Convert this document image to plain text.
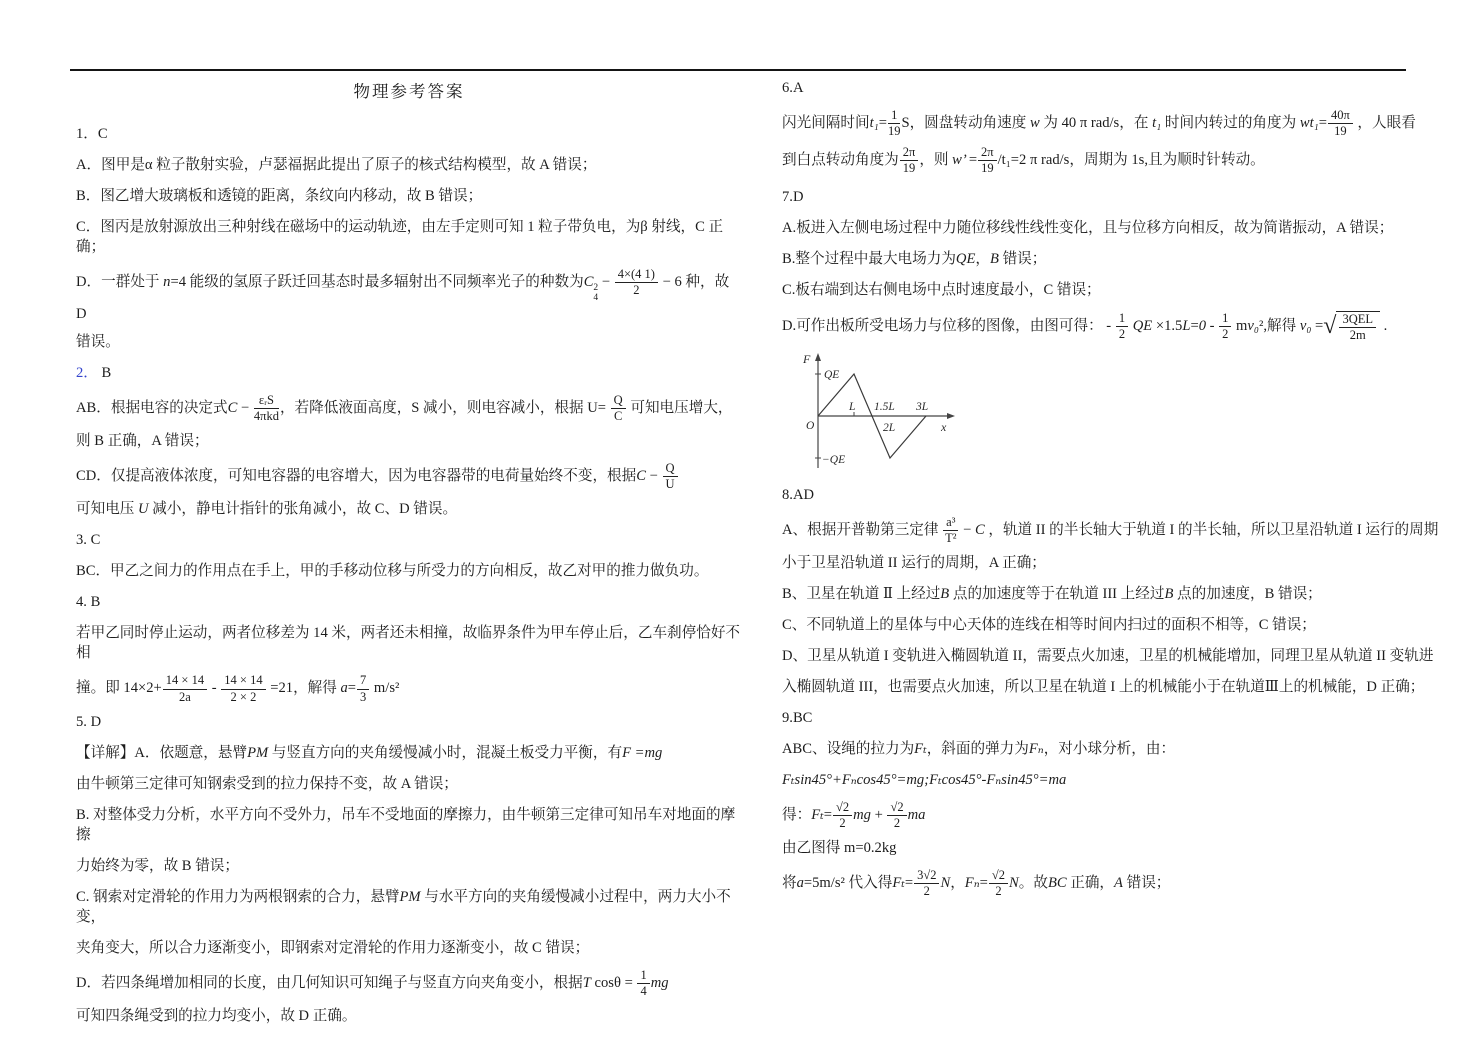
物理参考答案

1．C

A．图甲是α 粒子散射实验，卢瑟福据此提出了原子的核式结构模型，故 A 错误；

B．图乙增大玻璃板和透镜的距离，条纹向内移动，故 B 错误；

C．图丙是放射源放出三种射线在磁场中的运动轨迹，由左手定则可知 1 粒子带负电，为β 射线，C 正确；

D．一群处于 n=4 能级的氢原子跃迁回基态时最多辐射出不同频率光子的种数为C 2
4
− $\frac{4\times(4 1)}{2} - 6$ 种，故 D

错误。

2． B

AB．根据电容的决定式$C - \frac{\text{εᵣS}}{\text{4πkd}}$ ，若降低液面高度，S 减小，则电容减小，根据 $U= \frac{Q}{C}$ 可知电压增大，

则 B 正确，A 错误；

CD．仅提高液体浓度，可知电容器的电容增大，因为电容器带的电荷量始终不变，根据$C - \frac{Q}{U}$

可知电压 U 减小，静电计指针的张角减小，故 C、D 错误。

3. C

BC．甲乙之间力的作用点在手上，甲的手移动位移与所受力的方向相反，故乙对甲的推力做负功。

4. B

若甲乙同时停止运动，两者位移差为 14 米，两者还未相撞，故临界条件为甲车停止后，乙车刹停恰好不相

撞。即 $14\times 2+ \frac{14 \times 14}{2a} - \frac{14 \times 14}{2 \times 2} =21$，解得 $a= \frac{7}{3} m/s^2$

5. D

【详解】A．依题意，悬臂PM 与竖直方向的夹角缓慢减小时，混凝土板受力平衡，有F =mg

由牛顿第三定律可知钢索受到的拉力保持不变，故 A 错误；

B. 对整体受力分析，水平方向不受外力，吊车不受地面的摩擦力，由牛顿第三定律可知吊车对地面的摩擦

力始终为零，故 B 错误；

C. 钢索对定滑轮的作用力为两根钢索的合力，悬臂PM 与水平方向的夹角缓慢减小过程中，两力大小不变，

夹角变大，所以合力逐渐变小，即钢索对定滑轮的作用力逐渐变小，故 C 错误；

D．若四条绳增加相同的长度，由几何知识可知绳子与竖直方向夹角变小，根据T $\cos\theta = \frac{1}{4}$ mg

可知四条绳受到的拉力均变小，故 D 正确。

6.A

闪光间隔时间$t_1= \frac{1}{19}$ S，圆盘转动角速度 w 为 40 π rad/s，在 t₁ 时间内转过的角度为 $wt_1= \frac{40\pi}{19}$ ，人眼看

到白点转动角度为 $\frac{2\pi}{19}$ ，则 w’ = $\frac{2\pi}{19} /t_1=2$ π rad/s，周期为 1s,且为顺时针转动。

7.D

A.板进入左侧电场过程中力随位移线性线性变化，且与位移方向相反，故为简谐振动，A 错误；

B.整个过程中最大电场力为QE，B 错误；

C.板右端到达右侧电场中点时速度最小，C 错误；

D.可作出板所受电场力与位移的图像，由图可得： - $\frac{1}{2}$ QE $\times 1.5L=0 - \frac{1}{2} mv_0^2$,解得 v₀ = √ $\frac{\text{3QEL}}{2m}$ .

F
QE
−QE
O
L 1.5L
2L
3L
x

8.AD

A、根据开普勒第三定律 $\frac{\text{a³}}{\text{T²}} - C$ ，轨道 II 的半长轴大于轨道 I 的半长轴，所以卫星沿轨道 I 运行的周期

小于卫星沿轨道 II 运行的周期，A 正确；

B、卫星在轨道 Ⅱ 上经过B 点的加速度等于在轨道 III 上经过B 点的加速度，B 错误；

C、不同轨道上的星体与中心天体的连线在相等时间内扫过的面积不相等，C 错误；

D、卫星从轨道 I 变轨进入椭圆轨道 II，需要点火加速，卫星的机械能增加，同理卫星从轨道 II 变轨进

入椭圆轨道 III，也需要点火加速，所以卫星在轨道 I 上的机械能小于在轨道Ⅲ上的机械能，D 正确；

9.BC

ABC、设绳的拉力为Fₜ，斜面的弹力为Fₙ，对小球分析，由：

Fₜsin45°+Fₙcos45°=mg;Fₜcos45°-Fₙsin45°=ma

得：$F_t= \frac{√2}{2}$ mg + $\frac{√2}{2}$ ma

由乙图得 m=0.2kg

将a=5m/s² 代入得$F_t= \frac{3√2}{2}$ N，$F_n= \frac{√2}{2}$ N。故BC 正确，A 错误；
